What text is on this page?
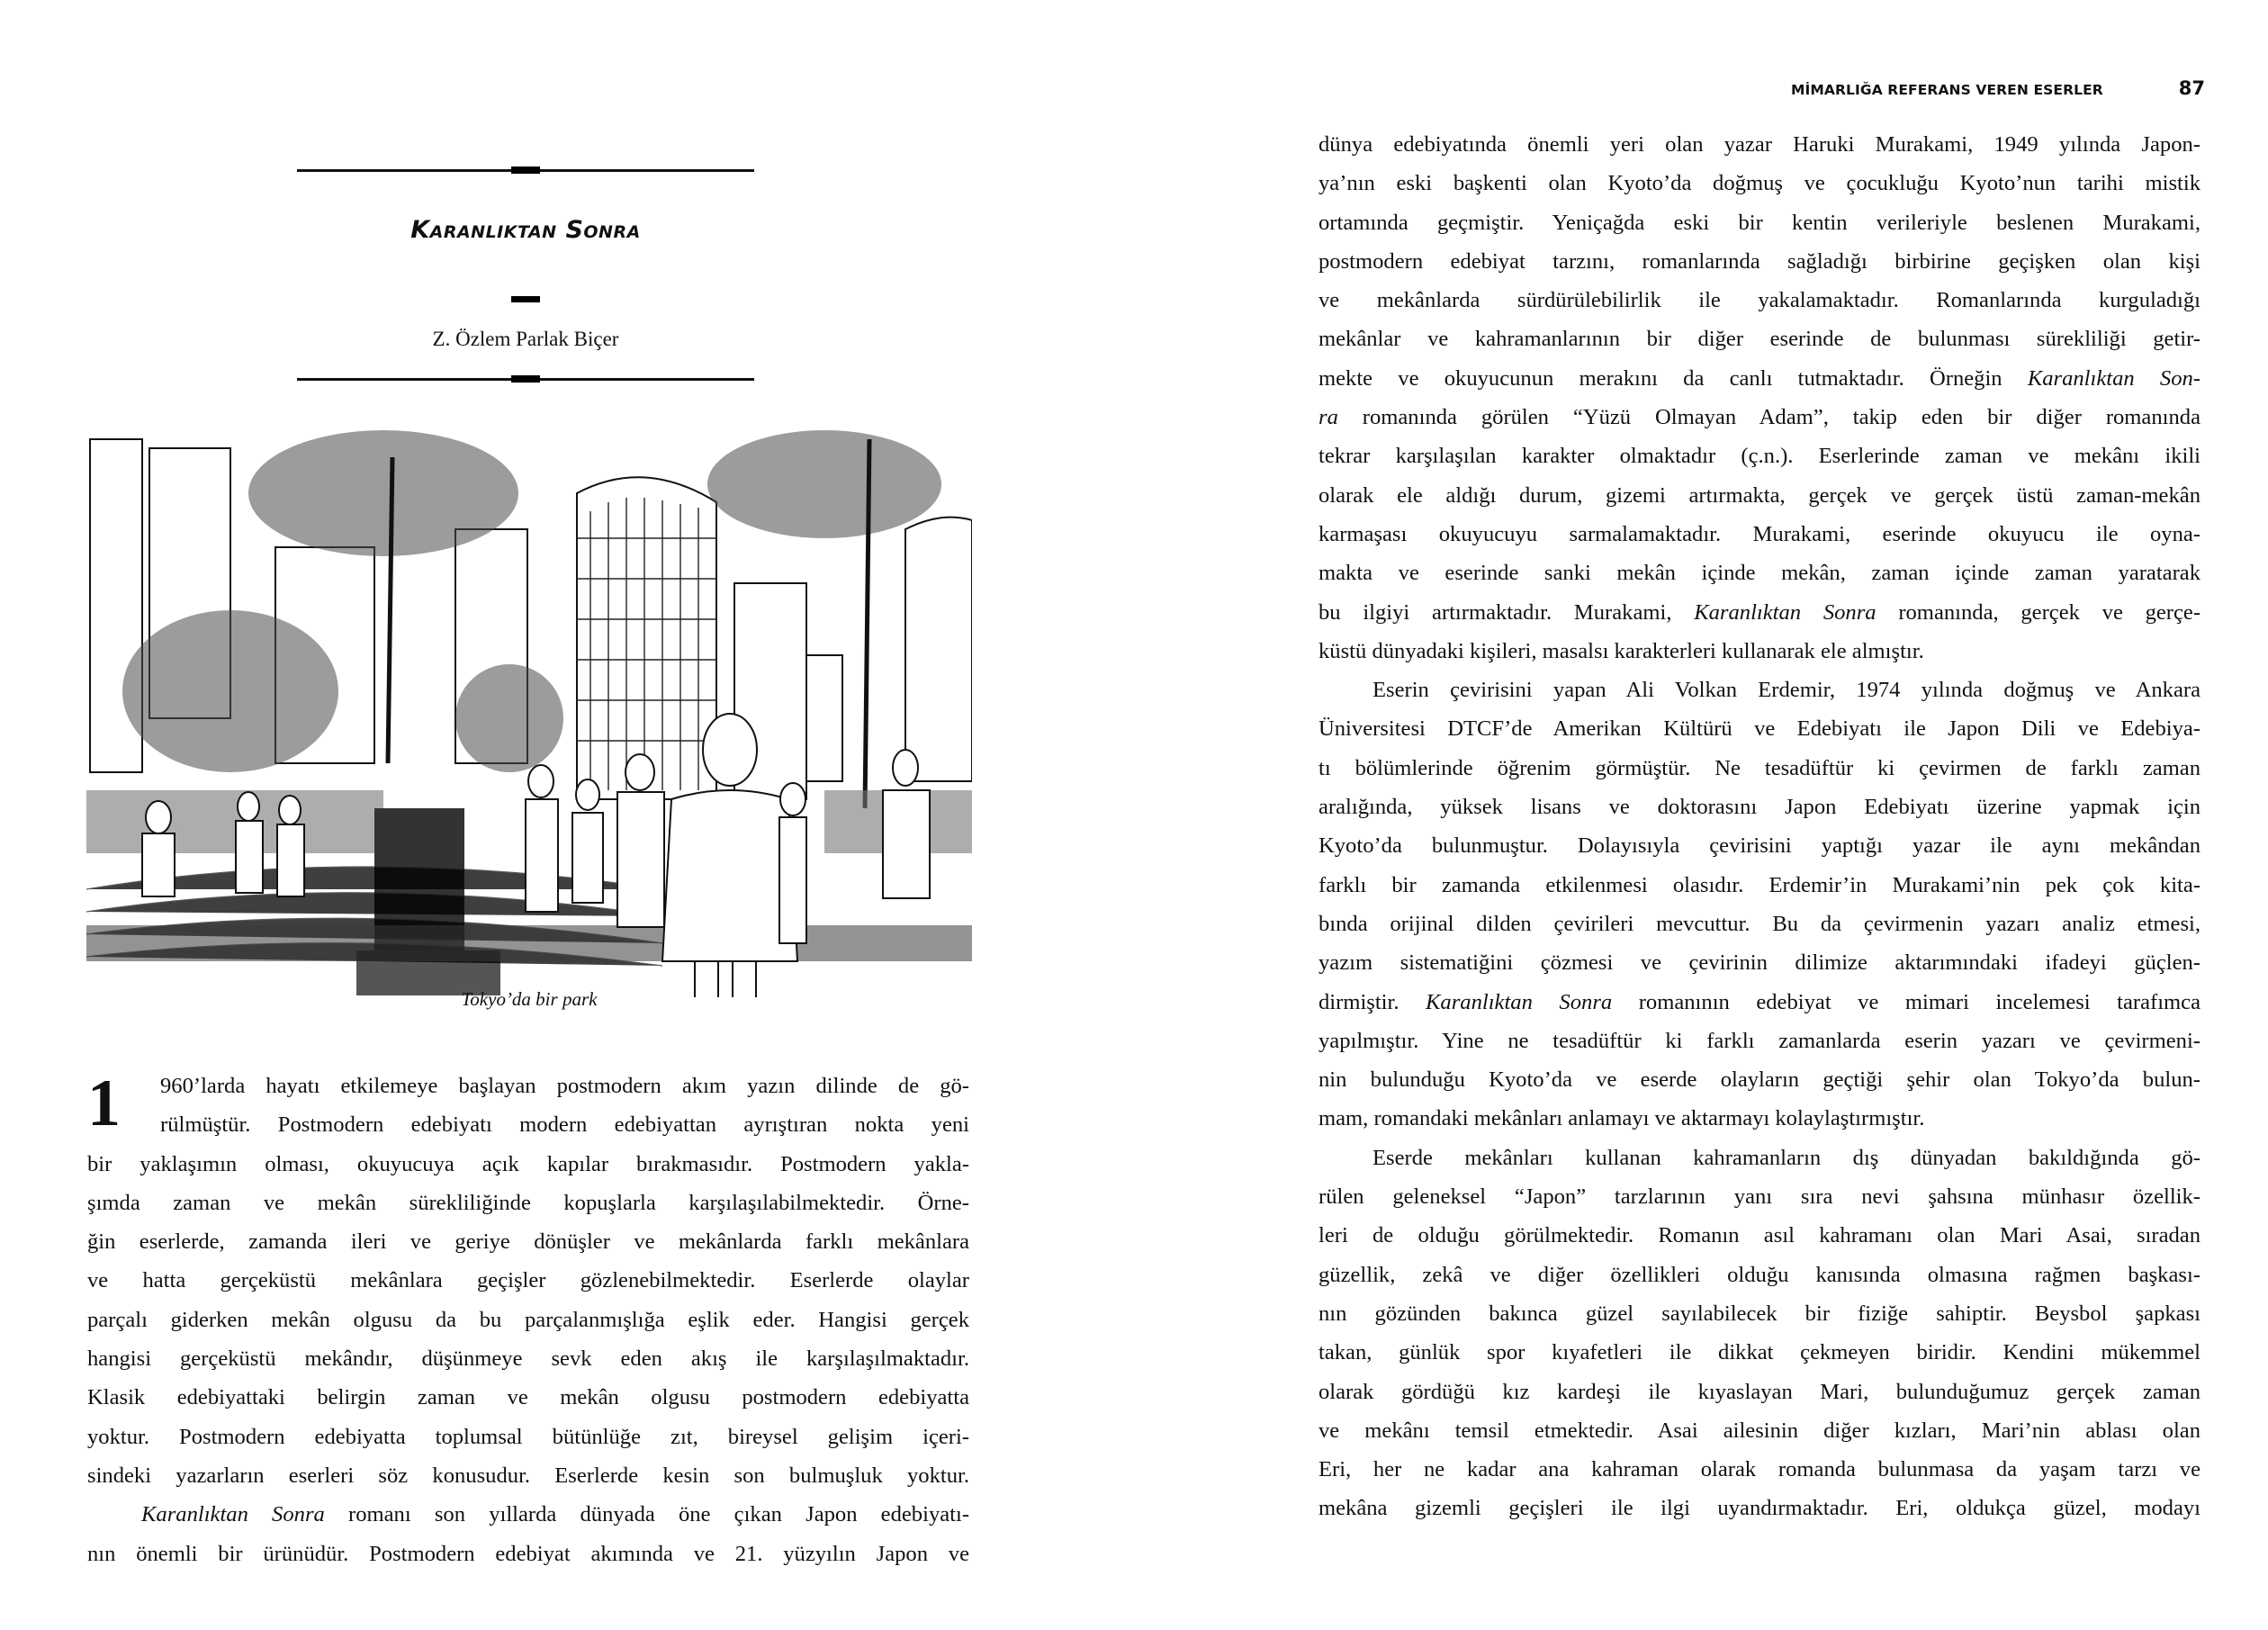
MİMARLIĞA REFERANS VEREN ESERLER	87
Karanlıktan Sonra
Z. Özlem Parlak Biçer
Tokyo’da bir park

1	960’larda hayatı etkilemeye başlayan postmodern akım yazın dilinde de gö-
rülmüştür. Postmodern edebiyatı modern edebiyattan ayrıştıran nokta yeni
bir yaklaşımın olması, okuyucuya açık kapılar bırakmasıdır. Postmodern yakla-
şımda zaman ve mekân sürekliliğinde kopuşlarla karşılaşılabilmektedir. Örne-
ğin eserlerde, zamanda ileri ve geriye dönüşler ve mekânlarda farklı mekânlara
ve hatta gerçeküstü mekânlara geçişler gözlenebilmektedir. Eserlerde olaylar
parçalı giderken mekân olgusu da bu parçalanmışlığa eşlik eder. Hangisi gerçek
hangisi gerçeküstü mekândır, düşünmeye sevk eden akış ile karşılaşılmaktadır.
Klasik edebiyattaki belirgin zaman ve mekân olgusu postmodern edebiyatta
yoktur. Postmodern edebiyatta toplumsal bütünlüğe zıt, bireysel gelişim içeri-
sindeki yazarların eserleri söz konusudur. Eserlerde kesin son bulmuşluk yoktur.

Karanlıktan Sonra romanı son yıllarda dünyada öne çıkan Japon edebiyatı-
nın önemli bir ürünüdür. Postmodern edebiyat akımında ve 21. yüzyılın Japon ve

dünya edebiyatında önemli yeri olan yazar Haruki Murakami, 1949 yılında Japon-
ya’nın eski başkenti olan Kyoto’da doğmuş ve çocukluğu Kyoto’nun tarihi mistik
ortamında geçmiştir. Yeniçağda eski bir kentin verileriyle beslenen Murakami,
postmodern edebiyat tarzını, romanlarında sağladığı birbirine geçişken olan kişi
ve mekânlarda sürdürülebilirlik ile yakalamaktadır. Romanlarında kurguladığı
mekânlar ve kahramanlarının bir diğer eserinde de bulunması sürekliliği getir-
mekte ve okuyucunun merakını da canlı tutmaktadır. Örneğin Karanlıktan Son-
ra romanında görülen “Yüzü Olmayan Adam”, takip eden bir diğer romanında
tekrar karşılaşılan karakter olmaktadır (ç.n.). Eserlerinde zaman ve mekânı ikili
olarak ele aldığı durum, gizemi artırmakta, gerçek ve gerçek üstü zaman-mekân
karmaşası okuyucuyu sarmalamaktadır. Murakami, eserinde okuyucu ile oyna-
makta ve eserinde sanki mekân içinde mekân, zaman içinde zaman yaratarak
bu ilgiyi artırmaktadır. Murakami, Karanlıktan Sonra romanında, gerçek ve gerçe-
küstü dünyadaki kişileri, masalsı karakterleri kullanarak ele almıştır.

Eserin çevirisini yapan Ali Volkan Erdemir, 1974 yılında doğmuş ve Ankara
Üniversitesi DTCF’de Amerikan Kültürü ve Edebiyatı ile Japon Dili ve Edebiya-
tı bölümlerinde öğrenim görmüştür. Ne tesadüftür ki çevirmen de farklı zaman
aralığında, yüksek lisans ve doktorasını Japon Edebiyatı üzerine yapmak için
Kyoto’da bulunmuştur. Dolayısıyla çevirisini yaptığı yazar ile aynı mekândan
farklı bir zamanda etkilenmesi olasıdır. Erdemir’in Murakami’nin pek çok kita-
bında orijinal dilden çevirileri mevcuttur. Bu da çevirmenin yazarı analiz etmesi,
yazım sistematiğini çözmesi ve çevirinin dilimize aktarımındaki ifadeyi güçlen-
dirmiştir. Karanlıktan Sonra romanının edebiyat ve mimari incelemesi tarafımca
yapılmıştır. Yine ne tesadüftür ki farklı zamanlarda eserin yazarı ve çevirmeni-
nin bulunduğu Kyoto’da ve eserde olayların geçtiği şehir olan Tokyo’da bulun-
mam, romandaki mekânları anlamayı ve aktarmayı kolaylaştırmıştır.

Eserde mekânları kullanan kahramanların dış dünyadan bakıldığında gö-
rülen geleneksel “Japon” tarzlarının yanı sıra nevi şahsına münhasır özellik-
leri de olduğu görülmektedir. Romanın asıl kahramanı olan Mari Asai, sıradan
güzellik, zekâ ve diğer özellikleri olduğu kanısında olmasına rağmen başkası-
nın gözünden bakınca güzel sayılabilecek bir fiziğe sahiptir. Beysbol şapkası
takan, günlük spor kıyafetleri ile dikkat çekmeyen biridir. Kendini mükemmel
olarak gördüğü kız kardeşi ile kıyaslayan Mari, bulunduğumuz gerçek zaman
ve mekânı temsil etmektedir. Asai ailesinin diğer kızları, Mari’nin ablası olan
Eri, her ne kadar ana kahraman olarak romanda bulunmasa da yaşam tarzı ve
mekâna gizemli geçişleri ile ilgi uyandırmaktadır. Eri, oldukça güzel, modayı
